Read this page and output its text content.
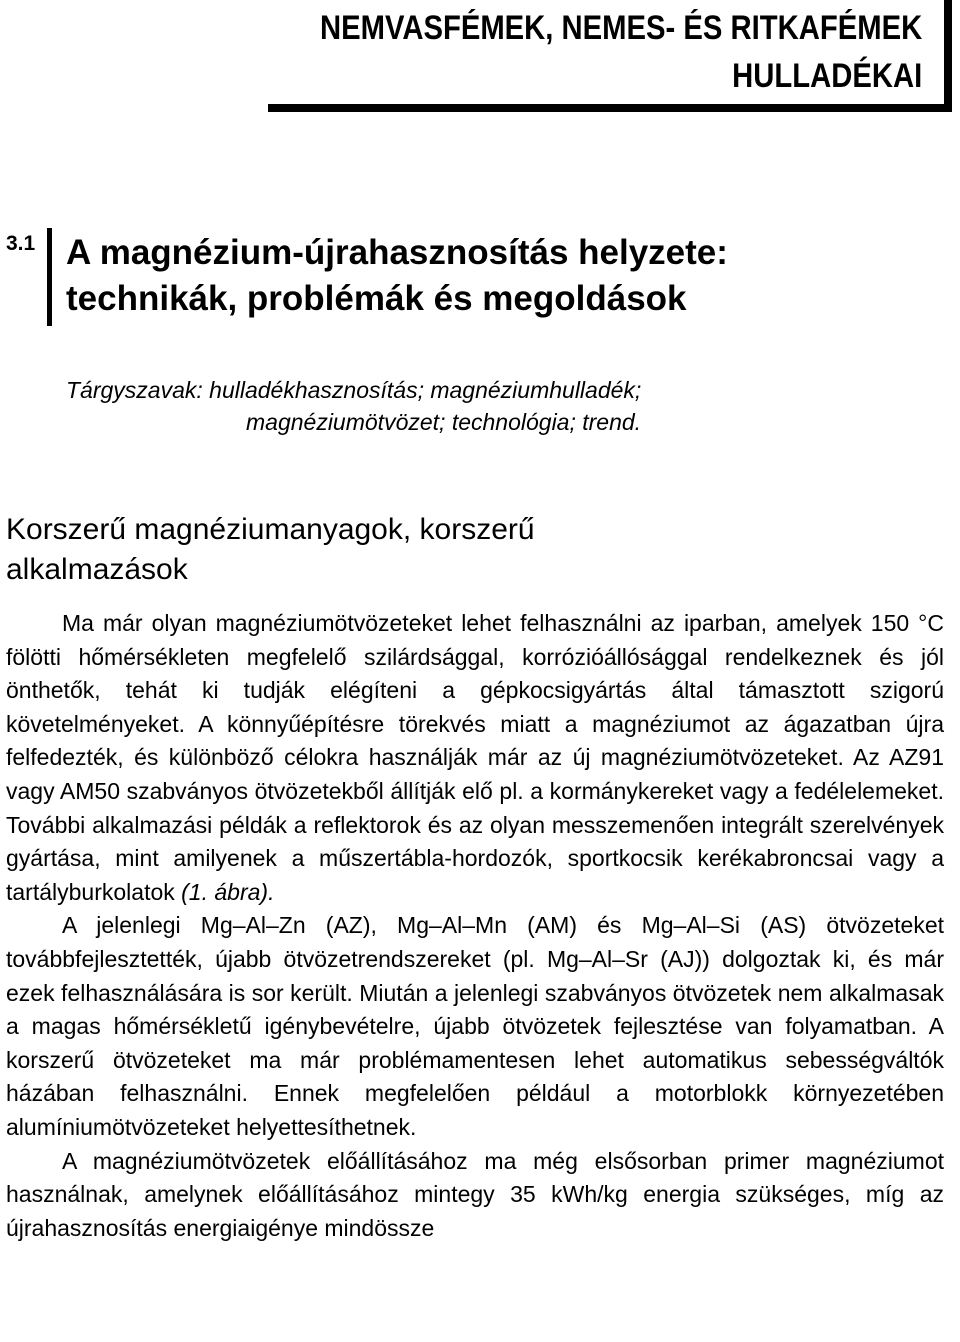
NEMVASFÉMEK, NEMES- ÉS RITKAFÉMEK
HULLADÉKAI
3.1 A magnézium-újrahasznosítás helyzete:
technikák, problémák és megoldások
Tárgyszavak: hulladékhasznosítás; magnéziumhulladék;
magnéziumötvözet; technológia; trend.
Korszerű magnéziumanyagok, korszerű
alkalmazások

Ma már olyan magnéziumötvözeteket lehet felhasználni az iparban, amelyek 150 °C fölötti hőmérsékleten megfelelő szilárdsággal, korrózióállósággal rendelkeznek és jól önthetők, tehát ki tudják elégíteni a gépkocsigyártás által támasztott szigorú követelményeket. A könnyűépítésre törekvés miatt a magnéziumot az ágazatban újra felfedezték, és különböző célokra használják már az új magnéziumötvözeteket. Az AZ91 vagy AM50 szabványos ötvözetekből állítják elő pl. a kormánykereket vagy a fedélelemeket. További alkalmazási példák a reflektorok és az olyan messzemenően integrált szerelvények gyártása, mint amilyenek a műszertábla-hordozók, sportkocsik kerékabroncsai vagy a tartályburkolatok (1. ábra).

A jelenlegi Mg–Al–Zn (AZ), Mg–Al–Mn (AM) és Mg–Al–Si (AS) ötvözeteket továbbfejlesztették, újabb ötvözetrendszereket (pl. Mg–Al–Sr (AJ)) dolgoztak ki, és már ezek felhasználására is sor került. Miután a jelenlegi szabványos ötvözetek nem alkalmasak a magas hőmérsékletű igénybevételre, újabb ötvözetek fejlesztése van folyamatban. A korszerű ötvözeteket ma már problémamentesen lehet automatikus sebességváltók házában felhasználni. Ennek megfelelően például a motorblokk környezetében alumíniumötvözeteket helyettesíthetnek.

A magnéziumötvözetek előállításához ma még elsősorban primer magnéziumot használnak, amelynek előállításához mintegy 35 kWh/kg energia szükséges, míg az újrahasznosítás energiaigénye mindössze
